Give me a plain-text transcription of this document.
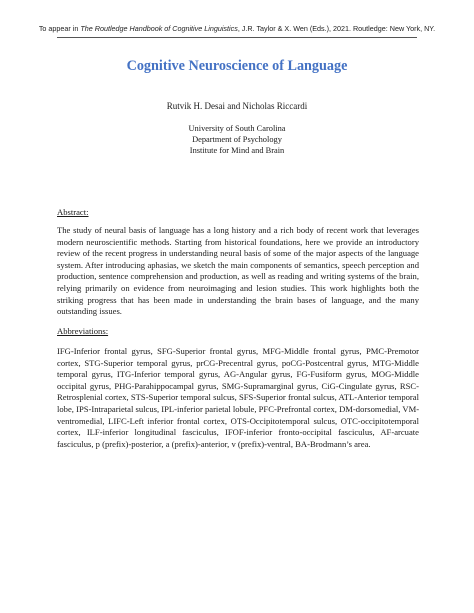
To appear in The Routledge Handbook of Cognitive Linguistics, J.R. Taylor & X. Wen (Eds.), 2021. Routledge: New York, NY.
Cognitive Neuroscience of Language
Rutvik H. Desai and Nicholas Riccardi
University of South Carolina
Department of Psychology
Institute for Mind and Brain
Abstract:
The study of neural basis of language has a long history and a rich body of recent work that leverages
modern neuroscientific methods. Starting from historical foundations, here we provide an introductory
review of the recent progress in understanding neural basis of some of the major aspects of the language
system. After introducing aphasias, we sketch the main components of semantics, speech perception and
production, sentence comprehension and production, as well as reading and writing systems of the brain,
relying primarily on evidence from neuroimaging and lesion studies. This work highlights both the
striking progress that has been made in understanding the brain bases of language, and the many
outstanding issues.
Abbreviations:
IFG-Inferior frontal gyrus, SFG-Superior frontal gyrus, MFG-Middle frontal gyrus, PMC-Premotor
cortex, STG-Superior temporal gyrus, prCG-Precentral gyrus, poCG-Postcentral gyrus, MTG-Middle
temporal gyrus, ITG-Inferior temporal gyrus, AG-Angular gyrus, FG-Fusiform gyrus, MOG-Middle
occipital gyrus, PHG-Parahippocampal gyrus, SMG-Supramarginal gyrus, CiG-Cingulate gyrus, RSC-
Retrosplenial cortex, STS-Superior temporal sulcus, SFS-Superior frontal sulcus, ATL-Anterior temporal
lobe, IPS-Intraparietal sulcus, IPL-inferior parietal lobule, PFC-Prefrontal cortex, DM-dorsomedial, VM-
ventromedial, LIFC-Left inferior frontal cortex, OTS-Occipitotemporal sulcus, OTC-occipitotemporal
cortex, ILF-inferior longitudinal fasciculus, IFOF-inferior fronto-occipital fasciculus, AF-arcuate
fasciculus, p (prefix)-posterior, a (prefix)-anterior, v (prefix)-ventral, BA-Brodmann’s area.
